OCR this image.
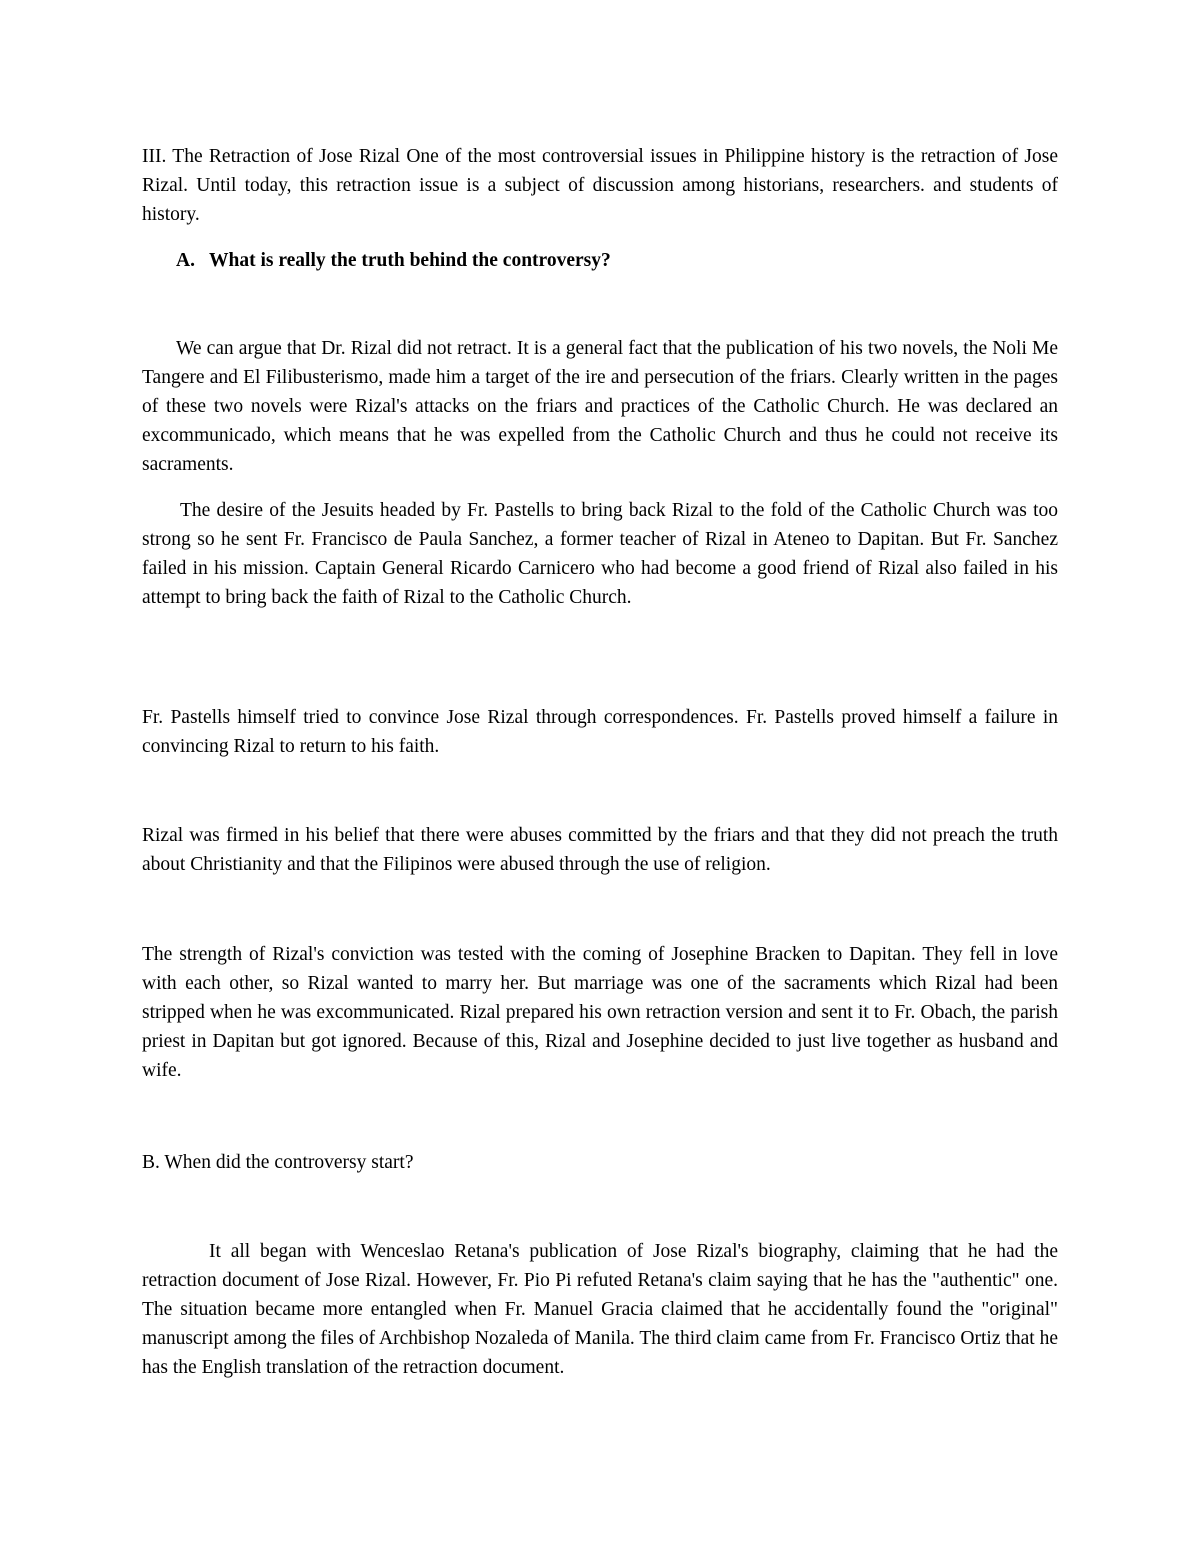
III. The Retraction of Jose Rizal One of the most controversial issues in Philippine history is the retraction of Jose Rizal. Until today, this retraction issue is a subject of discussion among historians, researchers. and students of history.

A. What is really the truth behind the controversy?

We can argue that Dr. Rizal did not retract. It is a general fact that the publication of his two novels, the Noli Me Tangere and El Filibusterismo, made him a target of the ire and persecution of the friars. Clearly written in the pages of these two novels were Rizal's attacks on the friars and practices of the Catholic Church. He was declared an excommunicado, which means that he was expelled from the Catholic Church and thus he could not receive its sacraments.

The desire of the Jesuits headed by Fr. Pastells to bring back Rizal to the fold of the Catholic Church was too strong so he sent Fr. Francisco de Paula Sanchez, a former teacher of Rizal in Ateneo to Dapitan. But Fr. Sanchez failed in his mission. Captain General Ricardo Carnicero who had become a good friend of Rizal also failed in his attempt to bring back the faith of Rizal to the Catholic Church.

Fr. Pastells himself tried to convince Jose Rizal through correspondences. Fr. Pastells proved himself a failure in convincing Rizal to return to his faith.

Rizal was firmed in his belief that there were abuses committed by the friars and that they did not preach the truth about Christianity and that the Filipinos were abused through the use of religion.

The strength of Rizal's conviction was tested with the coming of Josephine Bracken to Dapitan. They fell in love with each other, so Rizal wanted to marry her. But marriage was one of the sacraments which Rizal had been stripped when he was excommunicated. Rizal prepared his own retraction version and sent it to Fr. Obach, the parish priest in Dapitan but got ignored. Because of this, Rizal and Josephine decided to just live together as husband and wife.

B. When did the controversy start?

It all began with Wenceslao Retana's publication of Jose Rizal's biography, claiming that he had the retraction document of Jose Rizal. However, Fr. Pio Pi refuted Retana's claim saying that he has the "authentic" one. The situation became more entangled when Fr. Manuel Gracia claimed that he accidentally found the "original" manuscript among the files of Archbishop Nozaleda of Manila. The third claim came from Fr. Francisco Ortiz that he has the English translation of the retraction document.
